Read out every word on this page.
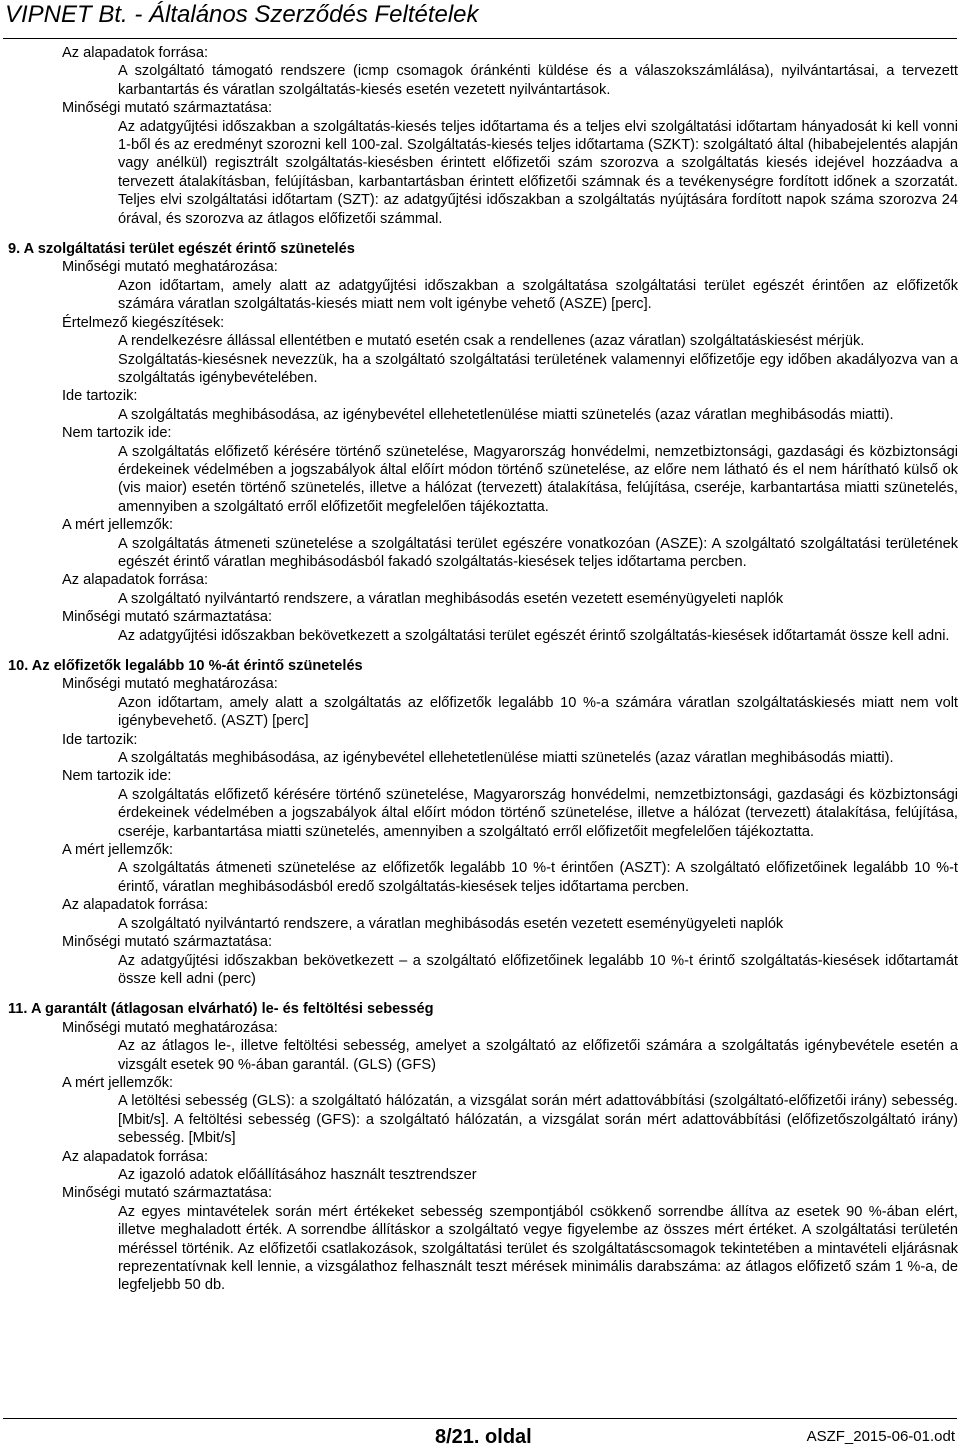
VIPNET Bt. - Általános Szerződés Feltételek

Az alapadatok forrása:

A szolgáltató támogató rendszere (icmp csomagok óránkénti küldése és a válaszokszámlálása), nyilvántartásai, a tervezett karbantartás és váratlan szolgáltatás-kiesés esetén vezetett nyilvántartások.

Minőségi mutató származtatása:

Az adatgyűjtési időszakban a szolgáltatás-kiesés teljes időtartama és a teljes elvi szolgáltatási időtartam hányadosát ki kell vonni 1-ből és az eredményt szorozni kell 100-zal. Szolgáltatás-kiesés teljes időtartama (SZKT): szolgáltató által (hibabejelentés alapján vagy anélkül) regisztrált szolgáltatás-kiesésben érintett előfizetői szám szorozva a szolgáltatás kiesés idejével hozzáadva a tervezett átalakításban, felújításban, karbantartásban érintett előfizetői számnak és a tevékenységre fordított időnek a szorzatát. Teljes elvi szolgáltatási időtartam (SZT): az adatgyűjtési időszakban a szolgáltatás nyújtására fordított napok száma szorozva 24 órával, és szorozva az átlagos előfizetői számmal.

9. A szolgáltatási terület egészét érintő szünetelés

Minőségi mutató meghatározása:

Azon időtartam, amely alatt az adatgyűjtési időszakban a szolgáltatása szolgáltatási terület egészét érintően az előfizetők számára váratlan szolgáltatás-kiesés miatt nem volt igénybe vehető (ASZE) [perc].

Értelmező kiegészítések:

A rendelkezésre állással ellentétben e mutató esetén csak a rendellenes (azaz váratlan) szolgáltatáskiesést mérjük.

Szolgáltatás-kiesésnek nevezzük, ha a szolgáltató szolgáltatási területének valamennyi előfizetője egy időben akadályozva van a szolgáltatás igénybevételében.

Ide tartozik:

A szolgáltatás meghibásodása, az igénybevétel ellehetetlenülése miatti szünetelés (azaz váratlan meghibásodás miatti).

Nem tartozik ide:

A szolgáltatás előfizető kérésére történő szünetelése, Magyarország honvédelmi, nemzetbiztonsági, gazdasági és közbiztonsági érdekeinek védelmében a jogszabályok által előírt módon történő szünetelése, az előre nem látható és el nem hárítható külső ok (vis maior) esetén történő szünetelés, illetve a hálózat (tervezett) átalakítása, felújítása, cseréje, karbantartása miatti szünetelés, amennyiben a szolgáltató erről előfizetőit megfelelően tájékoztatta.

A mért jellemzők:

A szolgáltatás átmeneti szünetelése a szolgáltatási terület egészére vonatkozóan (ASZE): A szolgáltató szolgáltatási területének egészét érintő váratlan meghibásodásból fakadó szolgáltatás-kiesések teljes időtartama percben.

Az alapadatok forrása:

A szolgáltató nyilvántartó rendszere, a váratlan meghibásodás esetén vezetett eseményügyeleti naplók

Minőségi mutató származtatása:

Az adatgyűjtési időszakban bekövetkezett a szolgáltatási terület egészét érintő szolgáltatás-kiesések időtartamát össze kell adni.

10. Az előfizetők legalább 10 %-át érintő szünetelés

Minőségi mutató meghatározása:

Azon időtartam, amely alatt a szolgáltatás az előfizetők legalább 10 %-a számára váratlan szolgáltatáskiesés miatt nem volt igénybevehető. (ASZT) [perc]

Ide tartozik:

A szolgáltatás meghibásodása, az igénybevétel ellehetetlenülése miatti szünetelés (azaz váratlan meghibásodás miatti).

Nem tartozik ide:

A szolgáltatás előfizető kérésére történő szünetelése, Magyarország honvédelmi, nemzetbiztonsági, gazdasági és közbiztonsági érdekeinek védelmében a jogszabályok által előírt módon történő szünetelése, illetve a hálózat (tervezett) átalakítása, felújítása, cseréje, karbantartása miatti szünetelés, amennyiben a szolgáltató erről előfizetőit megfelelően tájékoztatta.

A mért jellemzők:

A szolgáltatás átmeneti szünetelése az előfizetők legalább 10 %-t érintően (ASZT): A szolgáltató előfizetőinek legalább 10 %-t érintő, váratlan meghibásodásból eredő szolgáltatás-kiesések teljes időtartama percben.

Az alapadatok forrása:

A szolgáltató nyilvántartó rendszere, a váratlan meghibásodás esetén vezetett eseményügyeleti naplók

Minőségi mutató származtatása:

Az adatgyűjtési időszakban bekövetkezett – a szolgáltató előfizetőinek legalább 10 %-t érintő szolgáltatás-kiesések időtartamát össze kell adni (perc)

11. A garantált (átlagosan elvárható) le- és feltöltési sebesség

Minőségi mutató meghatározása:

Az az átlagos le-, illetve feltöltési sebesség, amelyet a szolgáltató az előfizetői számára a szolgáltatás igénybevétele esetén a vizsgált esetek 90 %-ában garantál. (GLS) (GFS)

A mért jellemzők:

A letöltési sebesség (GLS): a szolgáltató hálózatán, a vizsgálat során mért adattovábbítási (szolgáltató-előfizetői irány) sebesség. [Mbit/s]. A feltöltési sebesség (GFS): a szolgáltató hálózatán, a vizsgálat során mért adattovábbítási (előfizetőszolgáltató irány) sebesség. [Mbit/s]

Az alapadatok forrása:

Az igazoló adatok előállításához használt tesztrendszer

Minőségi mutató származtatása:

Az egyes mintavételek során mért értékeket sebesség szempontjából csökkenő sorrendbe állítva az esetek 90 %-ában elért, illetve meghaladott érték. A sorrendbe állításkor a szolgáltató vegye figyelembe az összes mért értéket. A szolgáltatási területén méréssel történik. Az előfizetői csatlakozások, szolgáltatási terület és szolgáltatáscsomagok tekintetében a mintavételi eljárásnak reprezentatívnak kell lennie, a vizsgálathoz felhasznált teszt mérések minimális darabszáma: az átlagos előfizető szám 1 %-a, de legfeljebb 50 db.

8/21. oldal	ASZF_2015-06-01.odt
